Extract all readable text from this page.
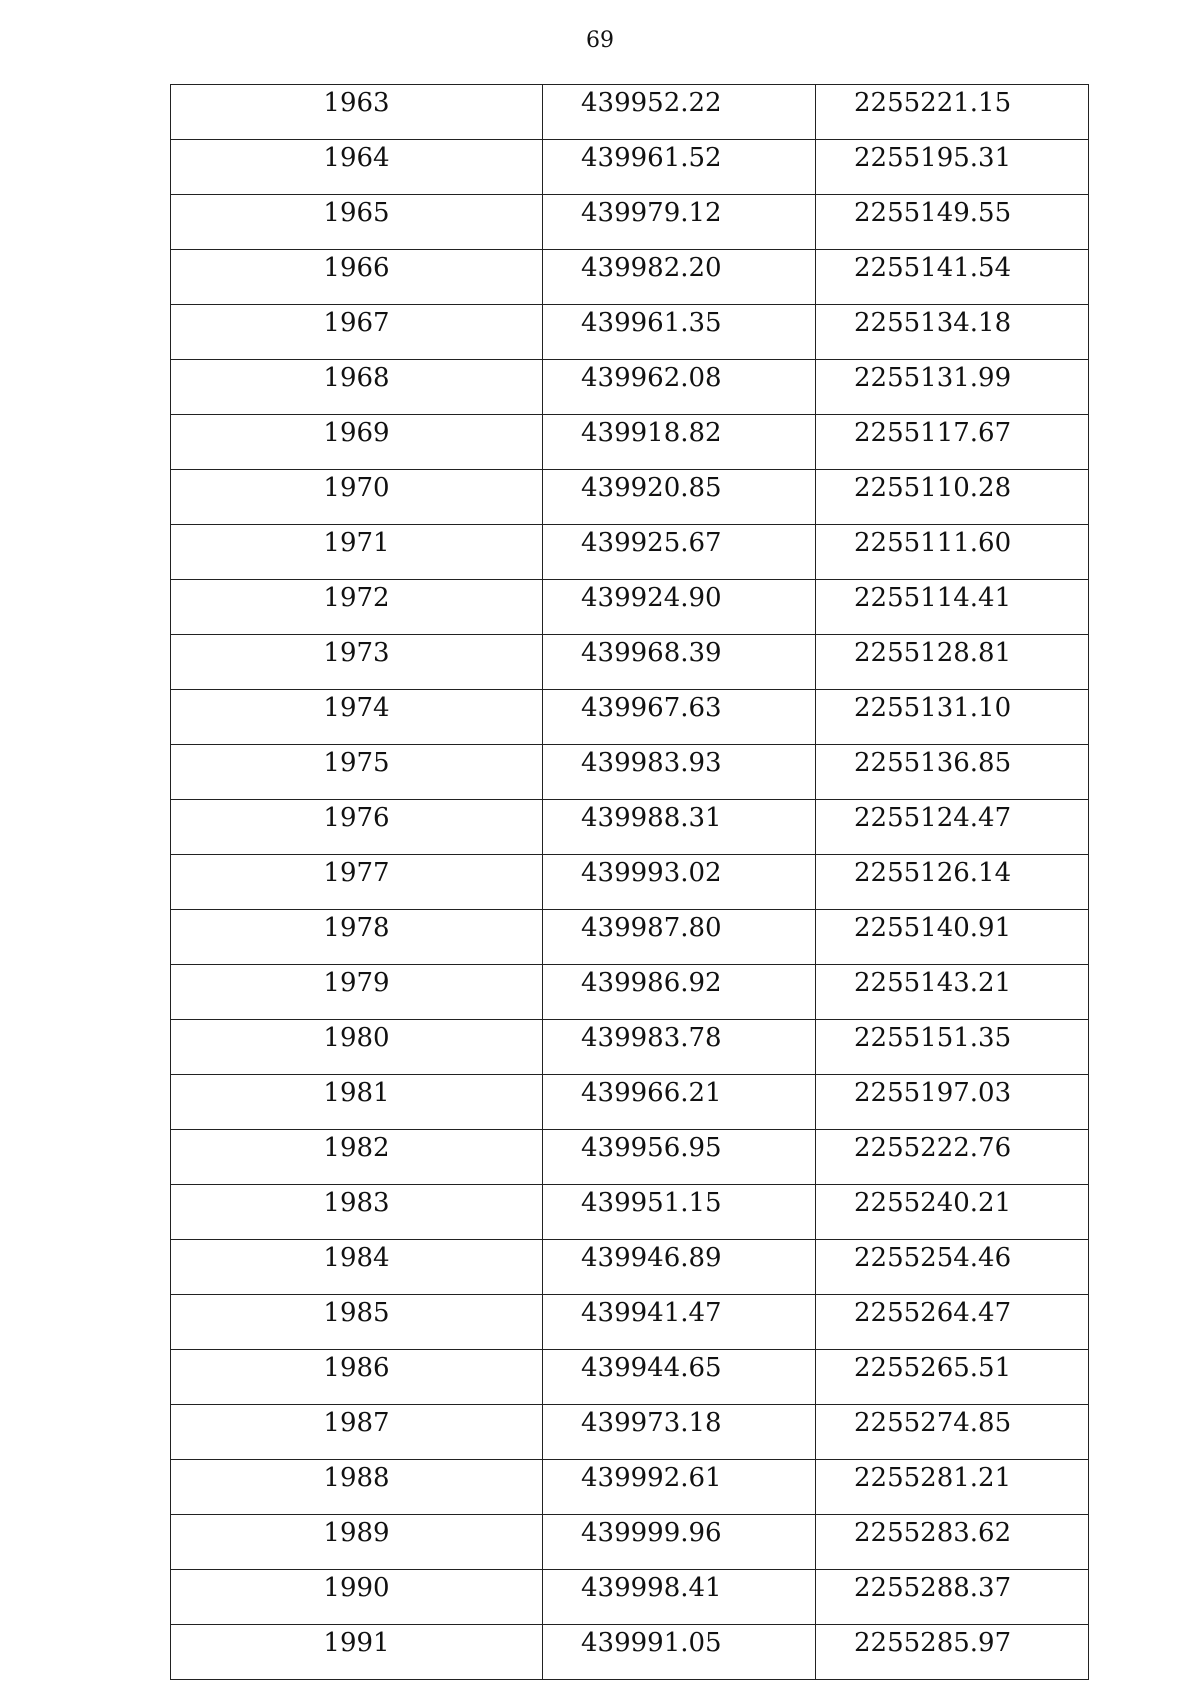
69
1963	439952.22	2255221.15
1964	439961.52	2255195.31
1965	439979.12	2255149.55
1966	439982.20	2255141.54
1967	439961.35	2255134.18
1968	439962.08	2255131.99
1969	439918.82	2255117.67
1970	439920.85	2255110.28
1971	439925.67	2255111.60
1972	439924.90	2255114.41
1973	439968.39	2255128.81
1974	439967.63	2255131.10
1975	439983.93	2255136.85
1976	439988.31	2255124.47
1977	439993.02	2255126.14
1978	439987.80	2255140.91
1979	439986.92	2255143.21
1980	439983.78	2255151.35
1981	439966.21	2255197.03
1982	439956.95	2255222.76
1983	439951.15	2255240.21
1984	439946.89	2255254.46
1985	439941.47	2255264.47
1986	439944.65	2255265.51
1987	439973.18	2255274.85
1988	439992.61	2255281.21
1989	439999.96	2255283.62
1990	439998.41	2255288.37
1991	439991.05	2255285.97
